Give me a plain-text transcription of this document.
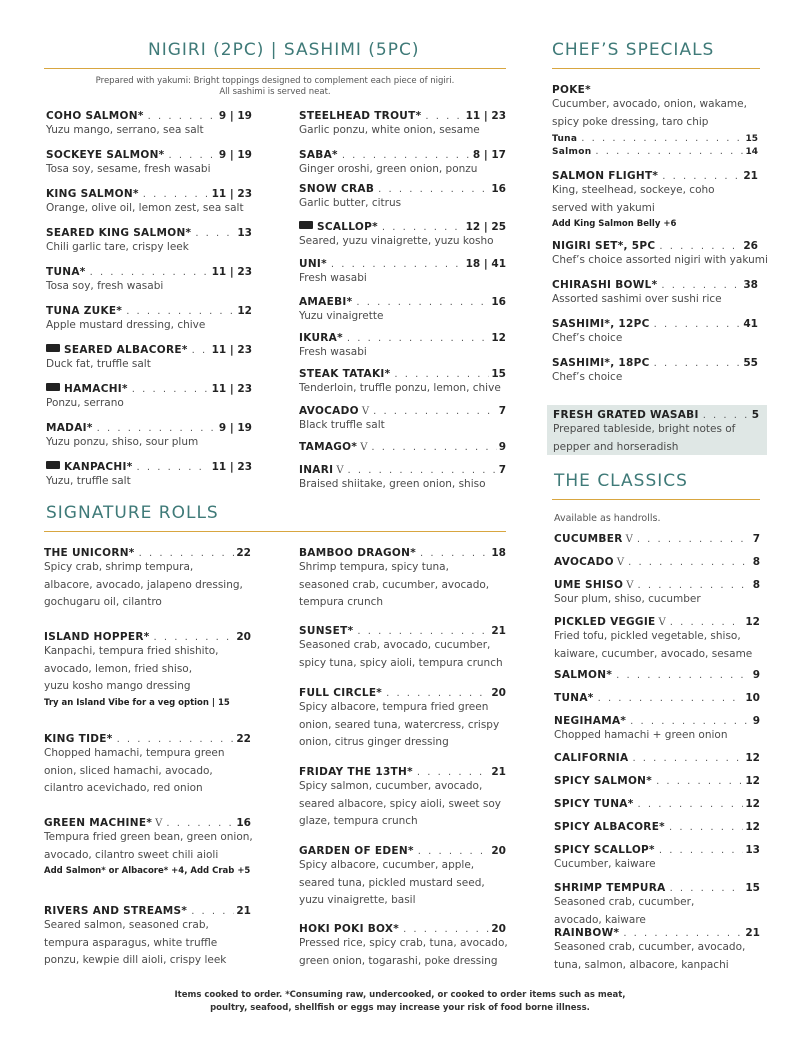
NIGIRI (2PC) | SASHIMI (5PC)
Prepared with yakumi: Bright toppings designed to complement each piece of nigiri.
All sashimi is served neat.
COHO SALMON* . . .	9 | 19
Yuzu mango, serrano, sea salt
SOCKEYE SALMON* . . .	9 | 19
Tosa soy, sesame, fresh wasabi
KING SALMON* . . .	11 | 23
Orange, olive oil, lemon zest, sea salt
SEARED KING SALMON* . . .	13
Chili garlic tare, crispy leek
TUNA* . . .	11 | 23
Tosa soy, fresh wasabi
TUNA ZUKE* . . .	12
Apple mustard dressing, chive
SEARED ALBACORE* . . . 11 | 23
Duck fat, truffle salt
HAMACHI* . . .	11 | 23
Ponzu, serrano
MADAI* . . .	9 | 19
Yuzu ponzu, shiso, sour plum
KANPACHI* . . .	11 | 23
Yuzu, truffle salt
STEELHEAD TROUT* . . .	11 | 23
Garlic ponzu, white onion, sesame
SABA* . . .	8 | 17
Ginger oroshi, green onion, ponzu
SNOW CRAB . . .	16
Garlic butter, citrus
SCALLOP* . . .	12 | 25
Seared, yuzu vinaigrette, yuzu kosho
UNI* . . .	18 | 41
Fresh wasabi
AMAEBI* . . .	16
Yuzu vinaigrette
IKURA* . . .	12
Fresh wasabi
STEAK TATAKI* . . .	15
Tenderloin, truffle ponzu, lemon, chive
AVOCADO V . . .	7
Black truffle salt
TAMAGO* V . . .	9
INARI V . . .	7
Braised shiitake, green onion, shiso
SIGNATURE ROLLS
THE UNICORN* . . .	22
Spicy crab, shrimp tempura,
albacore, avocado, jalapeno dressing,
gochugaru oil, cilantro
ISLAND HOPPER* . . .	20
Kanpachi, tempura fried shishito,
avocado, lemon, fried shiso,
yuzu kosho mango dressing
Try an Island Vibe for a veg option | 15
KING TIDE* . . .	22
Chopped hamachi, tempura green
onion, sliced hamachi, avocado,
cilantro acevichado, red onion
GREEN MACHINE* V . . .	16
Tempura fried green bean, green onion,
avocado, cilantro sweet chili aioli
Add Salmon* or Albacore* +4, Add Crab +5
RIVERS AND STREAMS* . . .	21
Seared salmon, seasoned crab,
tempura asparagus, white truffle
ponzu, kewpie dill aioli, crispy leek
BAMBOO DRAGON* . . .	18
Shrimp tempura, spicy tuna,
seasoned crab, cucumber, avocado,
tempura crunch
SUNSET* . . .	21
Seasoned crab, avocado, cucumber,
spicy tuna, spicy aioli, tempura crunch
FULL CIRCLE* . . .	20
Spicy albacore, tempura fried green
onion, seared tuna, watercress, crispy
onion, citrus ginger dressing
FRIDAY THE 13TH* . . .	21
Spicy salmon, cucumber, avocado,
seared albacore, spicy aioli, sweet soy
glaze, tempura crunch
GARDEN OF EDEN* . . .	20
Spicy albacore, cucumber, apple,
seared tuna, pickled mustard seed,
yuzu vinaigrette, basil
HOKI POKI BOX* . . .	20
Pressed rice, spicy crab, tuna, avocado,
green onion, togarashi, poke dressing
CHEF’S SPECIALS
POKE*
Cucumber, avocado, onion, wakame,
spicy poke dressing, taro chip
Tuna . . .	15
Salmon . . .	14
SALMON FLIGHT* . . .	21
King, steelhead, sockeye, coho
served with yakumi
Add King Salmon Belly +6
NIGIRI SET*, 5PC . . .	26
Chef’s choice assorted nigiri with yakumi
CHIRASHI BOWL* . . .	38
Assorted sashimi over sushi rice
SASHIMI*, 12PC . . .	41
Chef’s choice
SASHIMI*, 18PC . . .	55
Chef’s choice
FRESH GRATED WASABI . . .	5
Prepared tableside, bright notes of
pepper and horseradish
THE CLASSICS
Available as handrolls.
CUCUMBER V . . .	7
AVOCADO V . . .	8
UME SHISO V . . .	8
Sour plum, shiso, cucumber
PICKLED VEGGIE V . . .	12
Fried tofu, pickled vegetable, shiso,
kaiware, cucumber, avocado, sesame
SALMON* . . .	9
TUNA* . . .	10
NEGIHAMA* . . .	9
Chopped hamachi + green onion
CALIFORNIA . . .	12
SPICY SALMON* . . .	12
SPICY TUNA* . . .	12
SPICY ALBACORE* . . .	12
SPICY SCALLOP* . . .	13
Cucumber, kaiware
SHRIMP TEMPURA . . .	15
Seasoned crab, cucumber,
avocado, kaiware
RAINBOW* . . .	21
Seasoned crab, cucumber, avocado,
tuna, salmon, albacore, kanpachi
Items cooked to order. *Consuming raw, undercooked, or cooked to order items such as meat,
poultry, seafood, shellfish or eggs may increase your risk of food borne illness.
